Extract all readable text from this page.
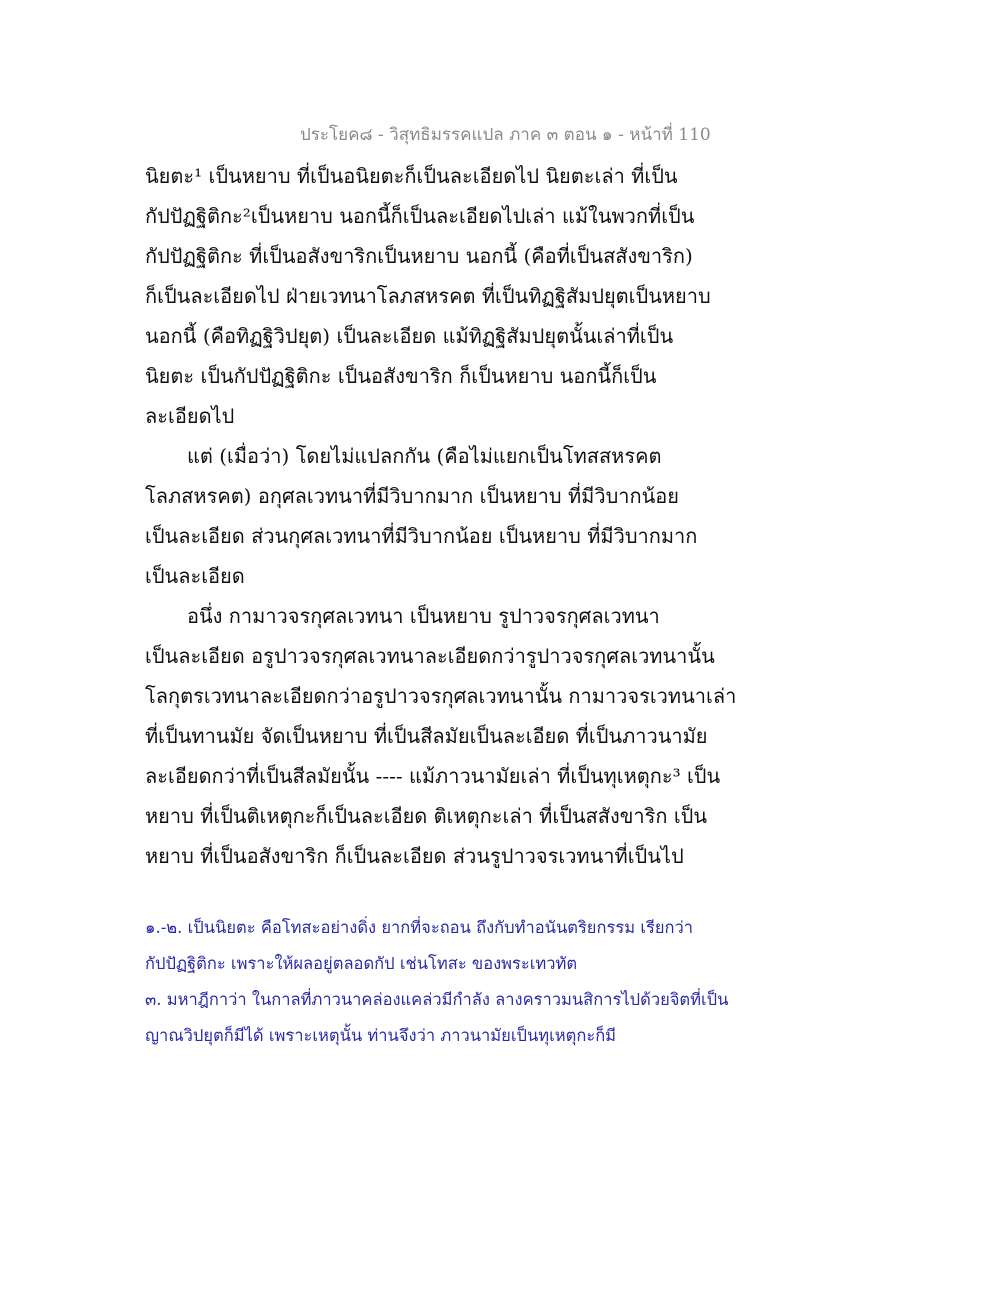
ประโยค๘ - วิสุทธิมรรคแปล ภาค ๓ ตอน ๑ - หน้าที่ 110
นิยตะ¹ เป็นหยาบ ที่เป็นอนิยตะก็เป็นละเอียดไป นิยตะเล่า ที่เป็น
กัปปัฏฐิติกะ²เป็นหยาบ นอกนี้ก็เป็นละเอียดไปเล่า แม้ในพวกที่เป็น
กัปปัฏฐิติกะ ที่เป็นอสังขาริกเป็นหยาบ นอกนี้ (คือที่เป็นสสังขาริก)
ก็เป็นละเอียดไป ฝ่ายเวทนาโลภสหรคต ที่เป็นทิฏฐิสัมปยุตเป็นหยาบ
นอกนี้ (คือทิฏฐิวิปยุต) เป็นละเอียด แม้ทิฏฐิสัมปยุตนั้นเล่าที่เป็น
นิยตะ เป็นกัปปัฏฐิติกะ เป็นอสังขาริก ก็เป็นหยาบ นอกนี้ก็เป็น
ละเอียดไป
แต่ (เมื่อว่า) โดยไม่แปลกกัน (คือไม่แยกเป็นโทสสหรคต
โลภสหรคต) อกุศลเวทนาที่มีวิบากมาก เป็นหยาบ ที่มีวิบากน้อย
เป็นละเอียด ส่วนกุศลเวทนาที่มีวิบากน้อย เป็นหยาบ ที่มีวิบากมาก
เป็นละเอียด
อนึ่ง กามาวจรกุศลเวทนา เป็นหยาบ รูปาวจรกุศลเวทนา
เป็นละเอียด อรูปาวจรกุศลเวทนาละเอียดกว่ารูปาวจรกุศลเวทนานั้น
โลกุตรเวทนาละเอียดกว่าอรูปาวจรกุศลเวทนานั้น กามาวจรเวทนาเล่า
ที่เป็นทานมัย จัดเป็นหยาบ ที่เป็นสีลมัยเป็นละเอียด ที่เป็นภาวนามัย
ละเอียดกว่าที่เป็นสีลมัยนั้น ---- แม้ภาวนามัยเล่า ที่เป็นทุเหตุกะ³ เป็น
หยาบ ที่เป็นติเหตุกะก็เป็นละเอียด ติเหตุกะเล่า ที่เป็นสสังขาริก เป็น
หยาบ ที่เป็นอสังขาริก ก็เป็นละเอียด ส่วนรูปาวจรเวทนาที่เป็นไป
๑.-๒. เป็นนิยตะ คือโทสะอย่างดิ่ง ยากที่จะถอน ถึงกับทำอนันตริยกรรม เรียกว่า
กัปปัฏฐิติกะ เพราะให้ผลอยู่ตลอดกัป เช่นโทสะ ของพระเทวทัต
๓. มหาฎีกาว่า ในกาลที่ภาวนาคล่องแคล่วมีกำลัง ลางคราวมนสิการไปด้วยจิตที่เป็น
ญาณวิปยุตก็มีได้ เพราะเหตุนั้น ท่านจึงว่า ภาวนามัยเป็นทุเหตุกะก็มี
